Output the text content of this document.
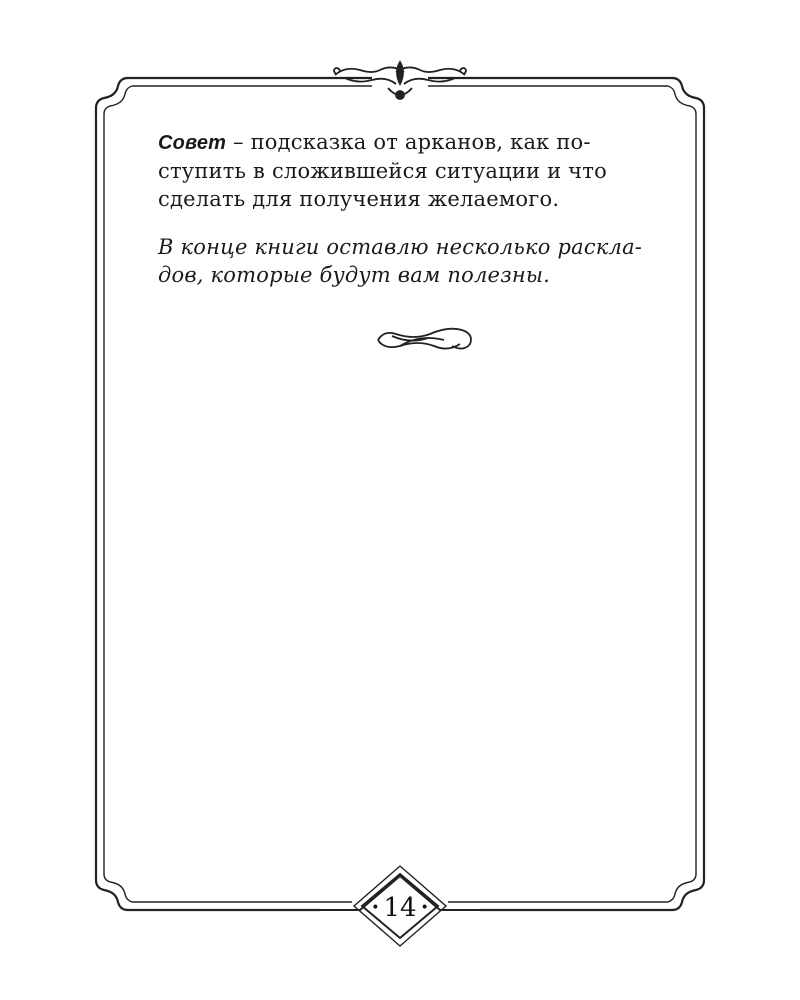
Совет – подсказка от арканов, как по-
ступить в сложившейся ситуации и что
сделать для получения желаемого.

В конце книги оставлю несколько раскла-
дов, которые будут вам полезны.

• 14 •
